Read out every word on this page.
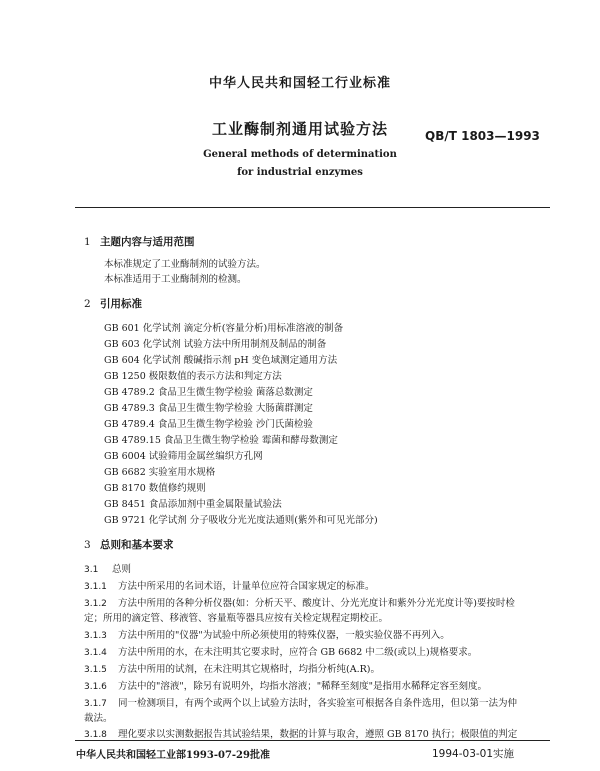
中华人民共和国轻工行业标准
工业酶制剂通用试验方法	QB/T 1803—1993
General methods of determination
for industrial enzymes
1 主题内容与适用范围
本标准规定了工业酶制剂的试验方法。
本标准适用于工业酶制剂的检测。
2 引用标准
GB 601 化学试剂 滴定分析(容量分析)用标准溶液的制备
GB 603 化学试剂 试验方法中所用制剂及制品的制备
GB 604 化学试剂 酸碱指示剂 pH 变色域测定通用方法
GB 1250 极限数值的表示方法和判定方法
GB 4789.2 食品卫生微生物学检验 菌落总数测定
GB 4789.3 食品卫生微生物学检验 大肠菌群测定
GB 4789.4 食品卫生微生物学检验 沙门氏菌检验
GB 4789.15 食品卫生微生物学检验 霉菌和酵母数测定
GB 6004 试验筛用金属丝编织方孔网
GB 6682 实验室用水规格
GB 8170 数值修约规则
GB 8451 食品添加剂中重金属限量试验法
GB 9721 化学试剂 分子吸收分光光度法通则(紫外和可见光部分)
3 总则和基本要求
3.1 总则
3.1.1 方法中所采用的名词术语，计量单位应符合国家规定的标准。
3.1.2 方法中所用的各种分析仪器(如：分析天平、酸度计、分光光度计和紫外分光光度计等)要按时检
定；所用的滴定管、移液管、容量瓶等器具应按有关检定规程定期校正。
3.1.3 方法中所用的"仪器"为试验中所必须使用的特殊仪器，一般实验仪器不再列入。
3.1.4 方法中所用的水，在未注明其它要求时，应符合 GB 6682 中二级(或以上)规格要求。
3.1.5 方法中所用的试剂，在未注明其它规格时，均指分析纯(A.R)。
3.1.6 方法中的"溶液"，除另有说明外，均指水溶液；"稀释至刻度"是指用水稀释定容至刻度。
3.1.7 同一检测项目，有两个或两个以上试验方法时，各实验室可根据各自条件选用，但以第一法为仲
裁法。
3.1.8 理化要求以实测数据报告其试验结果，数据的计算与取舍，遵照 GB 8170 执行；极限值的判定
中华人民共和国轻工业部1993-07-29批准	1994-03-01实施
